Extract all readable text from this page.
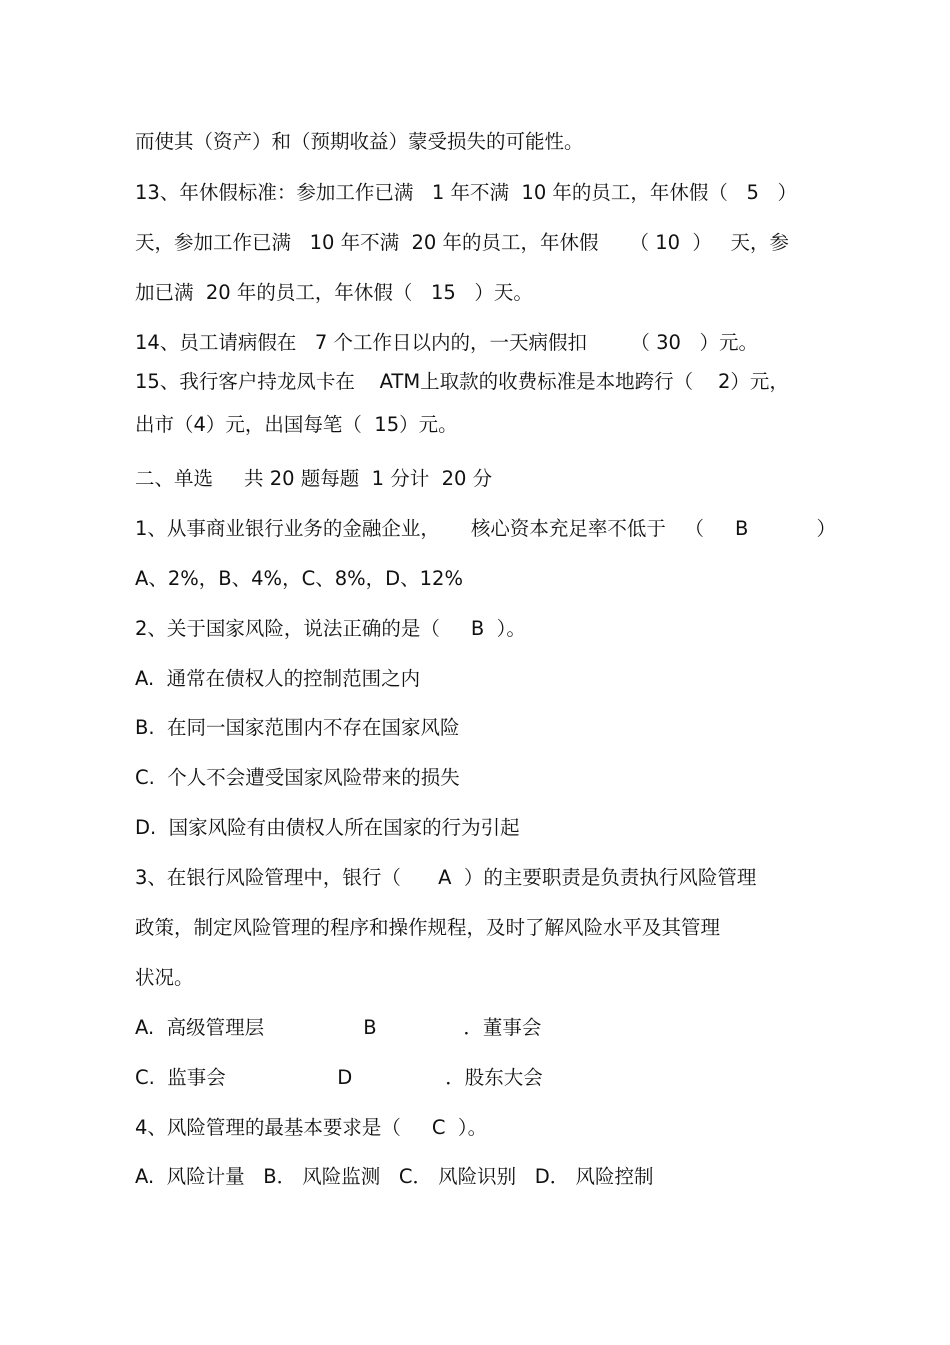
而使其（资产）和（预期收益）蒙受损失的可能性。
13、年休假标准：参加工作已满   1 年不满  10 年的员工，年休假（   5   ）
天，参加工作已满   10 年不满  20 年的员工，年休假     （ 10  ）   天，参
加已满  20 年的员工，年休假（   15   ）天。
14、员工请病假在   7 个工作日以内的，一天病假扣       （ 30   ）元。
15、我行客户持龙凤卡在    ATM上取款的收费标准是本地跨行（    2）元，
出市（4）元，出国每笔（  15）元。
二、单选     共 20 题每题  1 分计  20 分
1、从事商业银行业务的金融企业，     核心资本充足率不低于   （     B           ）
A、2%，B、4%，C、8%，D、12%
2、关于国家风险，说法正确的是（     B  ）。
A.  通常在债权人的控制范围之内
B.  在同一国家范围内不存在国家风险
C.  个人不会遭受国家风险带来的损失
D.  国家风险有由债权人所在国家的行为引起
3、在银行风险管理中，银行（      A  ）的主要职责是负责执行风险管理
政策，制定风险管理的程序和操作规程，及时了解风险水平及其管理
状况。
A.  高级管理层                B              ．董事会
C.  监事会                  D               ．股东大会
4、风险管理的最基本要求是（     C  ）。
A.  风险计量   B． 风险监测   C． 风险识别   D． 风险控制
